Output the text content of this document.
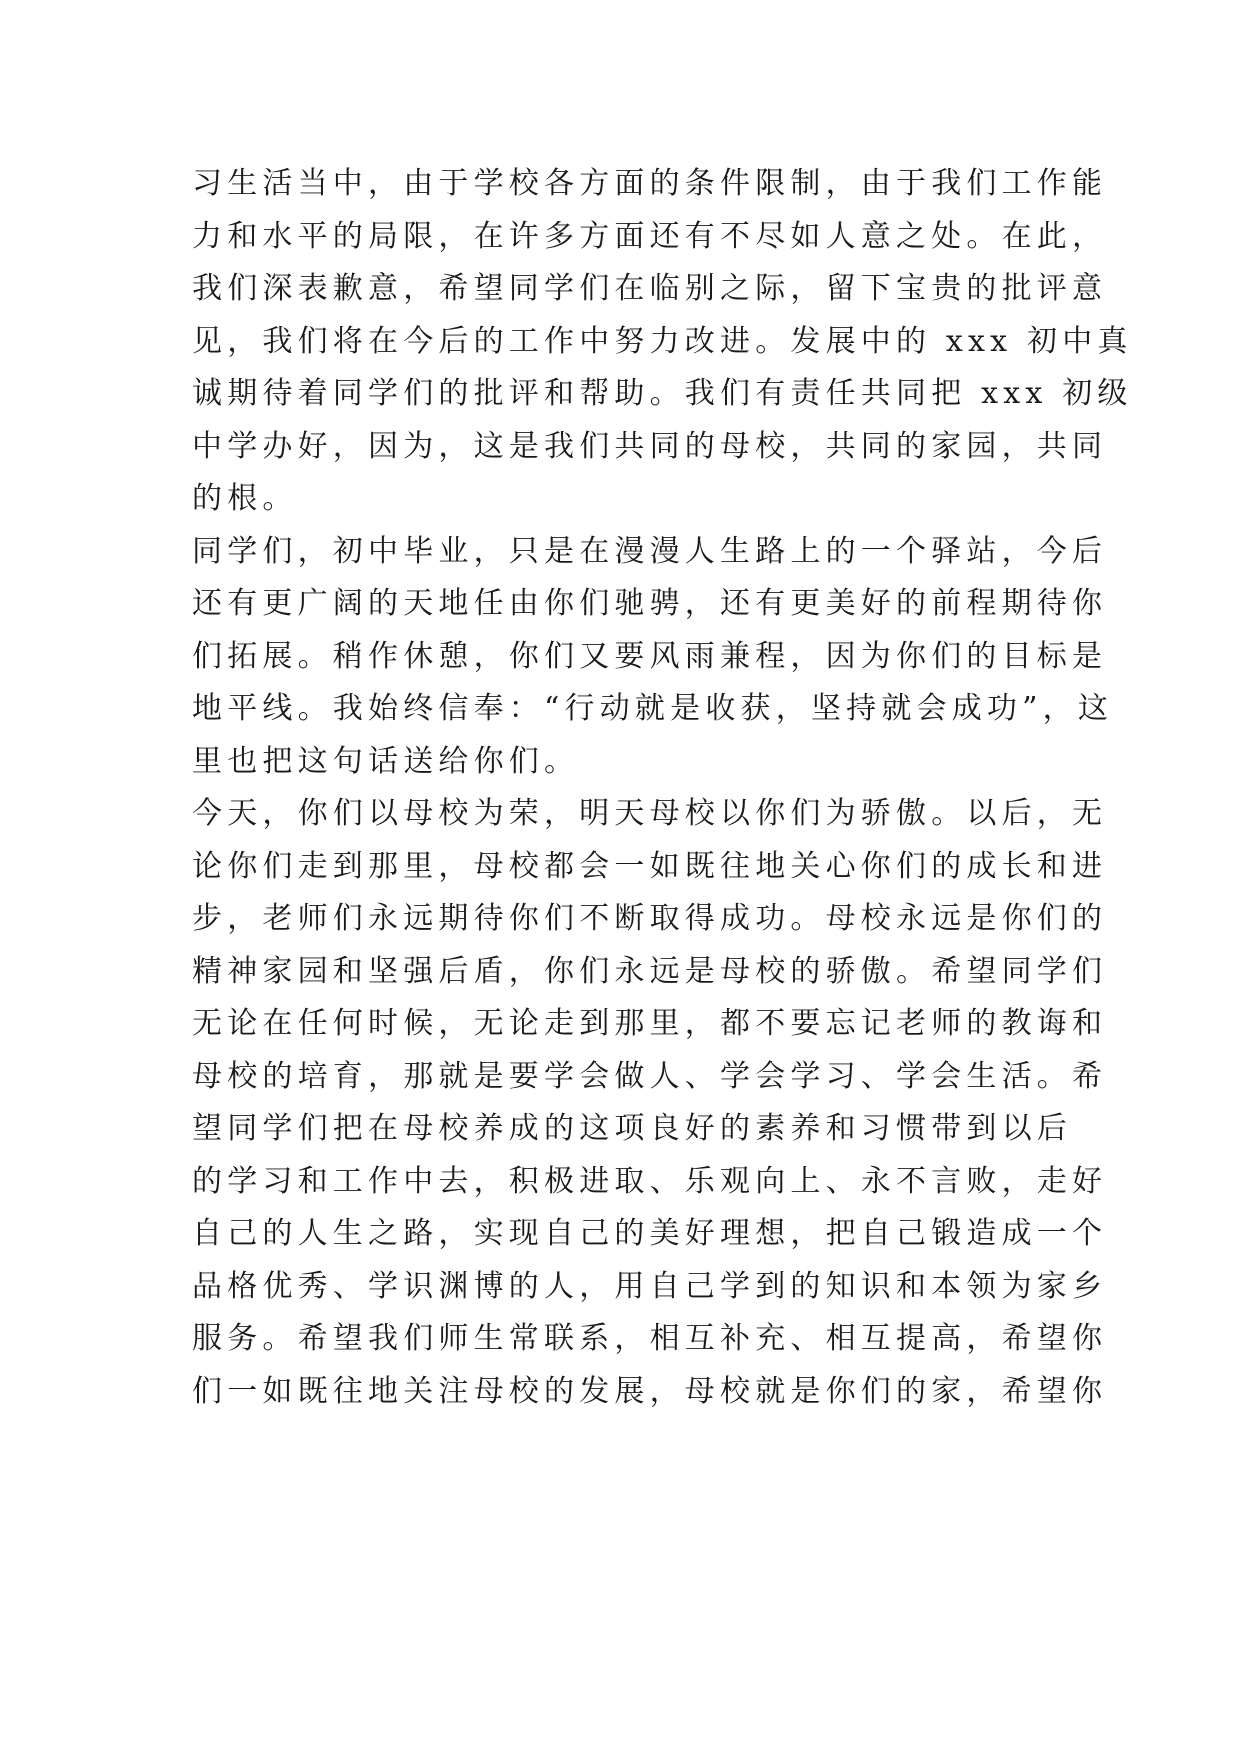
习生活当中，由于学校各方面的条件限制，由于我们工作能
力和水平的局限，在许多方面还有不尽如人意之处。在此，
我们深表歉意，希望同学们在临别之际，留下宝贵的批评意
见，我们将在今后的工作中努力改进。发展中的 xxx 初中真
诚期待着同学们的批评和帮助。我们有责任共同把 xxx 初级
中学办好，因为，这是我们共同的母校，共同的家园，共同
的根。
同学们，初中毕业，只是在漫漫人生路上的一个驿站，今后
还有更广阔的天地任由你们驰骋，还有更美好的前程期待你
们拓展。稍作休憩，你们又要风雨兼程，因为你们的目标是
地平线。我始终信奉：“行动就是收获，坚持就会成功”，这
里也把这句话送给你们。
今天，你们以母校为荣，明天母校以你们为骄傲。以后，无
论你们走到那里，母校都会一如既往地关心你们的成长和进
步，老师们永远期待你们不断取得成功。母校永远是你们的
精神家园和坚强后盾，你们永远是母校的骄傲。希望同学们
无论在任何时候，无论走到那里，都不要忘记老师的教诲和
母校的培育，那就是要学会做人、学会学习、学会生活。希
望同学们把在母校养成的这项良好的素养和习惯带到以后
的学习和工作中去，积极进取、乐观向上、永不言败，走好
自己的人生之路，实现自己的美好理想，把自己锻造成一个
品格优秀、学识渊博的人，用自己学到的知识和本领为家乡
服务。希望我们师生常联系，相互补充、相互提高，希望你
们一如既往地关注母校的发展，母校就是你们的家，希望你
